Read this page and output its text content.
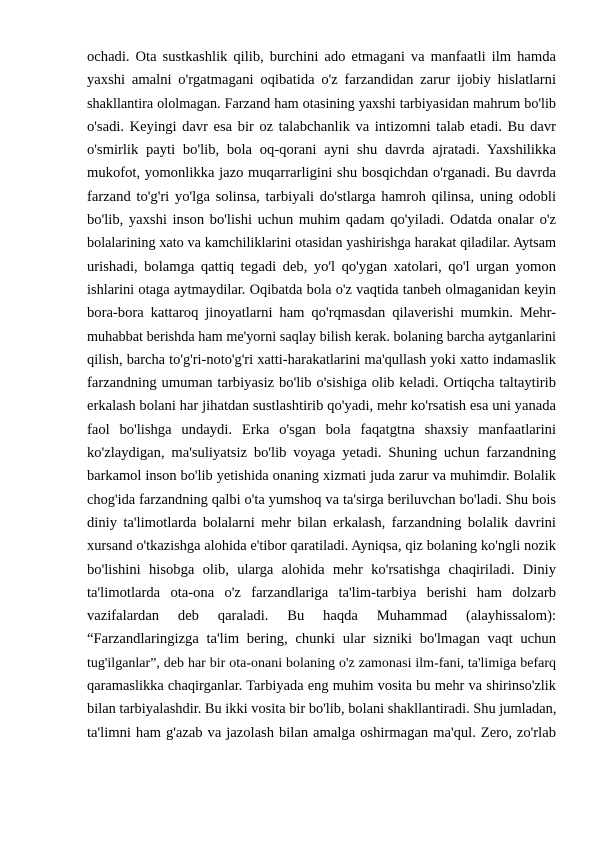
ochadi. Ota sustkashlik qilib, burchini ado etmagani va manfaatli ilm hamda
yaxshi amalni o'rgatmagani oqibatida o'z farzandidan zarur ijobiy hislatlarni
shakllantira ololmagan. Farzand ham otasining yaxshi tarbiyasidan mahrum bo'lib
o'sadi. Keyingi davr esa bir oz talabchanlik va intizomni talab etadi. Bu davr
o'smirlik payti bo'lib, bola oq-qorani ayni shu davrda ajratadi. Yaxshilikka
mukofot, yomonlikka jazo muqarrarligini shu bosqichdan o'rganadi. Bu davrda
farzand to'g'ri yo'lga solinsa, tarbiyali do'stlarga hamroh qilinsa, uning odobli
bo'lib, yaxshi inson bo'lishi uchun muhim qadam qo'yiladi. Odatda onalar o'z
bolalarining xato va kamchiliklarini otasidan yashirishga harakat qiladilar. Aytsam
urishadi, bolamga qattiq tegadi deb, yo'l qo'ygan xatolari, qo'l urgan yomon
ishlarini otaga aytmaydilar. Oqibatda bola o'z vaqtida tanbeh olmaganidan keyin
bora-bora kattaroq jinoyatlarni ham qo'rqmasdan qilaverishi mumkin. Mehr-
muhabbat berishda ham me'yorni saqlay bilish kerak. bolaning barcha aytganlarini
qilish, barcha to'g'ri-noto'g'ri xatti-harakatlarini ma'qullash yoki xatto indamaslik
farzandning umuman tarbiyasiz bo'lib o'sishiga olib keladi. Ortiqcha taltaytirib
erkalash bolani har jihatdan sustlashtirib qo'yadi, mehr ko'rsatish esa uni yanada
faol bo'lishga undaydi. Erka o'sgan bola faqatgtna shaxsiy manfaatlarini
ko'zlaydigan, ma'suliyatsiz bo'lib voyaga yetadi. Shuning uchun farzandning
barkamol inson bo'lib yetishida onaning xizmati juda zarur va muhimdir. Bolalik
chog'ida farzandning qalbi o'ta yumshoq va ta'sirga beriluvchan bo'ladi. Shu bois
diniy ta'limotlarda bolalarni mehr bilan erkalash, farzandning bolalik davrini
xursand o'tkazishga alohida e'tibor qaratiladi. Ayniqsa, qiz bolaning ko'ngli nozik
bo'lishini hisobga olib, ularga alohida mehr ko'rsatishga chaqiriladi. Diniy
ta'limotlarda ota-ona o'z farzandlariga ta'lim-tarbiya berishi ham dolzarb
vazifalardan deb qaraladi. Bu haqda Muhammad (alayhissalom):
“Farzandlaringizga ta'lim bering, chunki ular sizniki bo'lmagan vaqt uchun
tug'ilganlar”, deb har bir ota-onani bolaning o'z zamonasi ilm-fani, ta'limiga befarq
qaramaslikka chaqirganlar. Tarbiyada eng muhim vosita bu mehr va shirinso'zlik
bilan tarbiyalashdir. Bu ikki vosita bir bo'lib, bolani shakllantiradi. Shu jumladan,
ta'limni ham g'azab va jazolash bilan amalga oshirmagan ma'qul. Zero, zo'rlab
